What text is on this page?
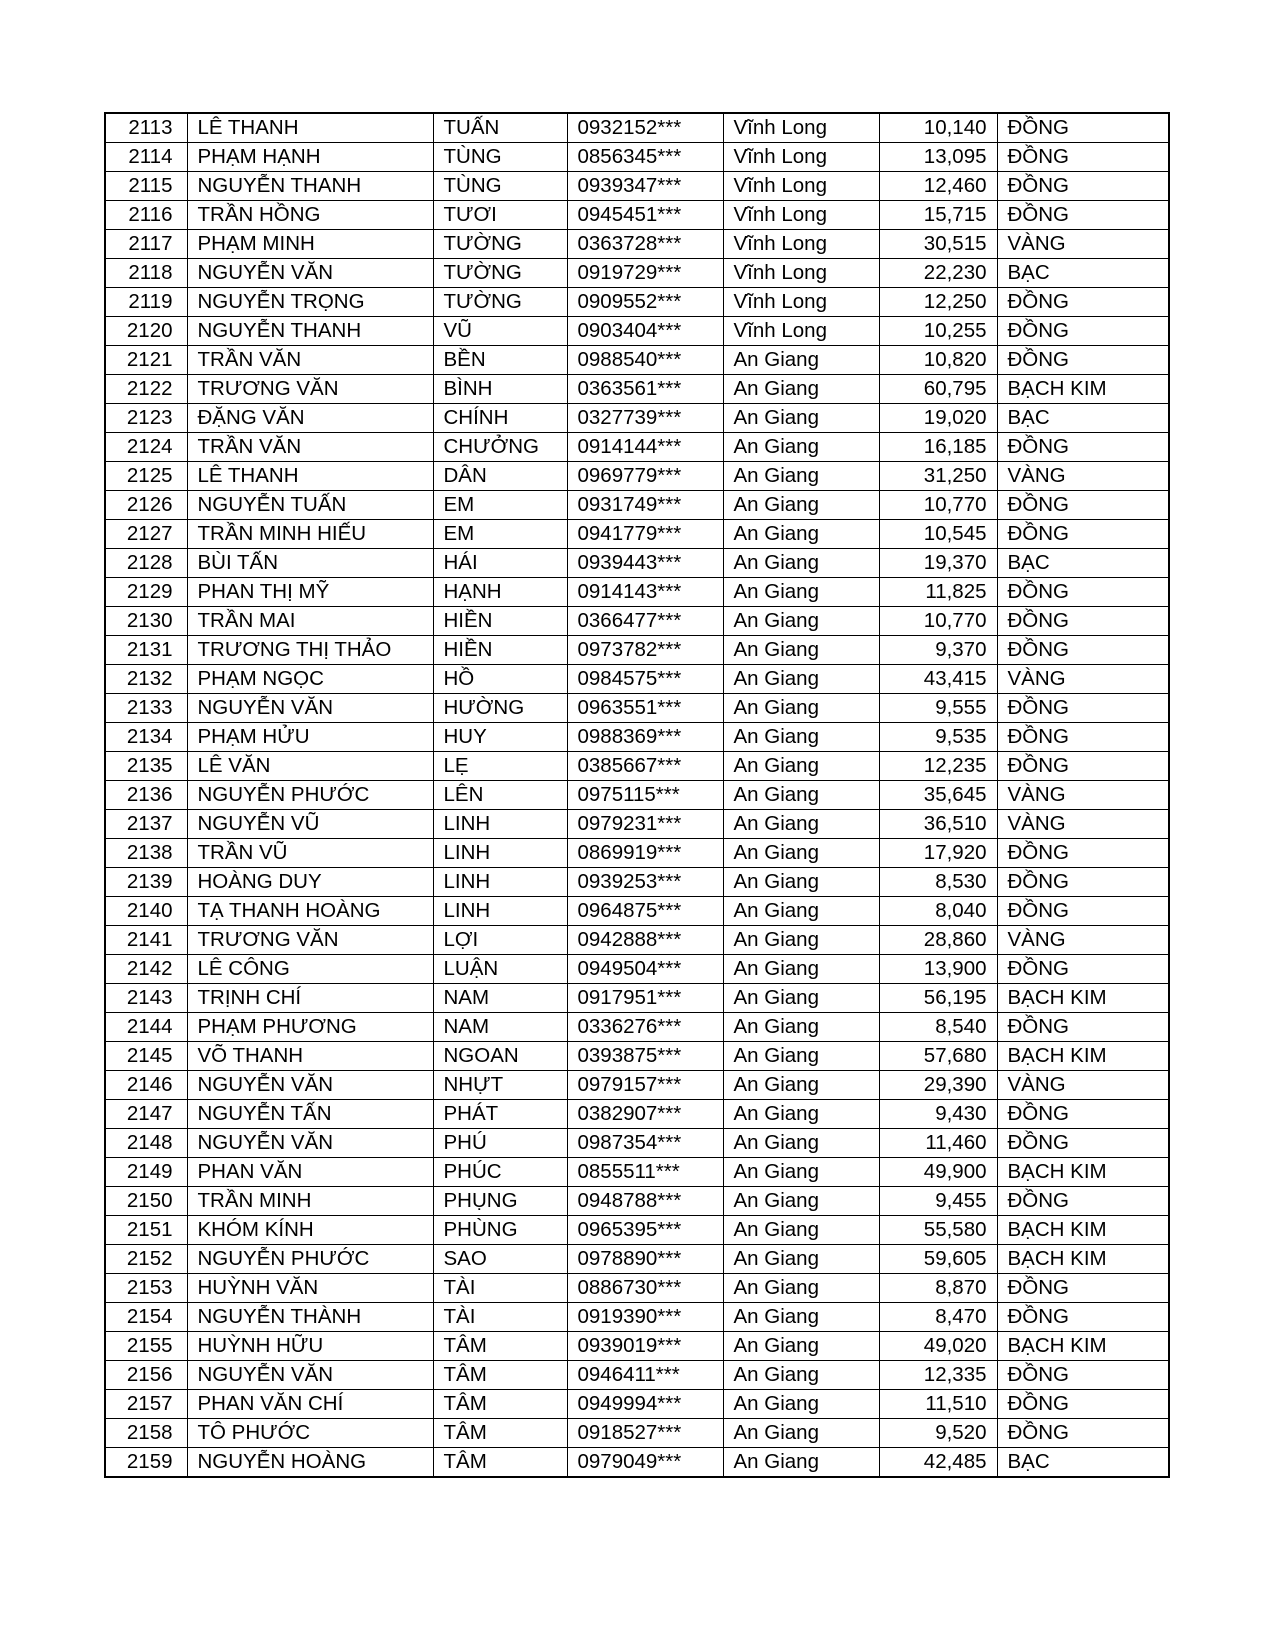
2113	LÊ THANH	TUẤN	0932152***	Vĩnh Long	10,140	ĐỒNG
2114	PHẠM HẠNH	TÙNG	0856345***	Vĩnh Long	13,095	ĐỒNG
2115	NGUYỄN THANH	TÙNG	0939347***	Vĩnh Long	12,460	ĐỒNG
2116	TRẦN HỒNG	TƯƠI	0945451***	Vĩnh Long	15,715	ĐỒNG
2117	PHẠM MINH	TƯỜNG	0363728***	Vĩnh Long	30,515	VÀNG
2118	NGUYỄN VĂN	TƯỜNG	0919729***	Vĩnh Long	22,230	BẠC
2119	NGUYỄN TRỌNG	TƯỜNG	0909552***	Vĩnh Long	12,250	ĐỒNG
2120	NGUYỄN THANH	VŨ	0903404***	Vĩnh Long	10,255	ĐỒNG
2121	TRẦN VĂN	BỀN	0988540***	An Giang	10,820	ĐỒNG
2122	TRƯƠNG VĂN	BÌNH	0363561***	An Giang	60,795	BẠCH KIM
2123	ĐẶNG VĂN	CHÍNH	0327739***	An Giang	19,020	BẠC
2124	TRẦN VĂN	CHƯỞNG	0914144***	An Giang	16,185	ĐỒNG
2125	LÊ THANH	DÂN	0969779***	An Giang	31,250	VÀNG
2126	NGUYỄN TUẤN	EM	0931749***	An Giang	10,770	ĐỒNG
2127	TRẦN MINH HIẾU	EM	0941779***	An Giang	10,545	ĐỒNG
2128	BÙI TẤN	HÁI	0939443***	An Giang	19,370	BẠC
2129	PHAN THỊ MỸ	HẠNH	0914143***	An Giang	11,825	ĐỒNG
2130	TRẦN MAI	HIỀN	0366477***	An Giang	10,770	ĐỒNG
2131	TRƯƠNG THỊ THẢO	HIỀN	0973782***	An Giang	9,370	ĐỒNG
2132	PHẠM NGỌC	HỒ	0984575***	An Giang	43,415	VÀNG
2133	NGUYỄN VĂN	HƯỜNG	0963551***	An Giang	9,555	ĐỒNG
2134	PHẠM HỬU	HUY	0988369***	An Giang	9,535	ĐỒNG
2135	LÊ VĂN	LẸ	0385667***	An Giang	12,235	ĐỒNG
2136	NGUYỄN PHƯỚC	LÊN	0975115***	An Giang	35,645	VÀNG
2137	NGUYỄN VŨ	LINH	0979231***	An Giang	36,510	VÀNG
2138	TRẦN VŨ	LINH	0869919***	An Giang	17,920	ĐỒNG
2139	HOÀNG DUY	LINH	0939253***	An Giang	8,530	ĐỒNG
2140	TẠ THANH HOÀNG	LINH	0964875***	An Giang	8,040	ĐỒNG
2141	TRƯƠNG VĂN	LỢI	0942888***	An Giang	28,860	VÀNG
2142	LÊ CÔNG	LUẬN	0949504***	An Giang	13,900	ĐỒNG
2143	TRỊNH CHÍ	NAM	0917951***	An Giang	56,195	BẠCH KIM
2144	PHẠM PHƯƠNG	NAM	0336276***	An Giang	8,540	ĐỒNG
2145	VÕ THANH	NGOAN	0393875***	An Giang	57,680	BẠCH KIM
2146	NGUYỄN VĂN	NHỰT	0979157***	An Giang	29,390	VÀNG
2147	NGUYỄN TẤN	PHÁT	0382907***	An Giang	9,430	ĐỒNG
2148	NGUYỄN VĂN	PHÚ	0987354***	An Giang	11,460	ĐỒNG
2149	PHAN VĂN	PHÚC	0855511***	An Giang	49,900	BẠCH KIM
2150	TRẦN MINH	PHỤNG	0948788***	An Giang	9,455	ĐỒNG
2151	KHÓM KÍNH	PHÙNG	0965395***	An Giang	55,580	BẠCH KIM
2152	NGUYỄN PHƯỚC	SAO	0978890***	An Giang	59,605	BẠCH KIM
2153	HUỲNH VĂN	TÀI	0886730***	An Giang	8,870	ĐỒNG
2154	NGUYỄN THÀNH	TÀI	0919390***	An Giang	8,470	ĐỒNG
2155	HUỲNH HỮU	TÂM	0939019***	An Giang	49,020	BẠCH KIM
2156	NGUYỄN VĂN	TÂM	0946411***	An Giang	12,335	ĐỒNG
2157	PHAN VĂN CHÍ	TÂM	0949994***	An Giang	11,510	ĐỒNG
2158	TÔ PHƯỚC	TÂM	0918527***	An Giang	9,520	ĐỒNG
2159	NGUYỄN HOÀNG	TÂM	0979049***	An Giang	42,485	BẠC
